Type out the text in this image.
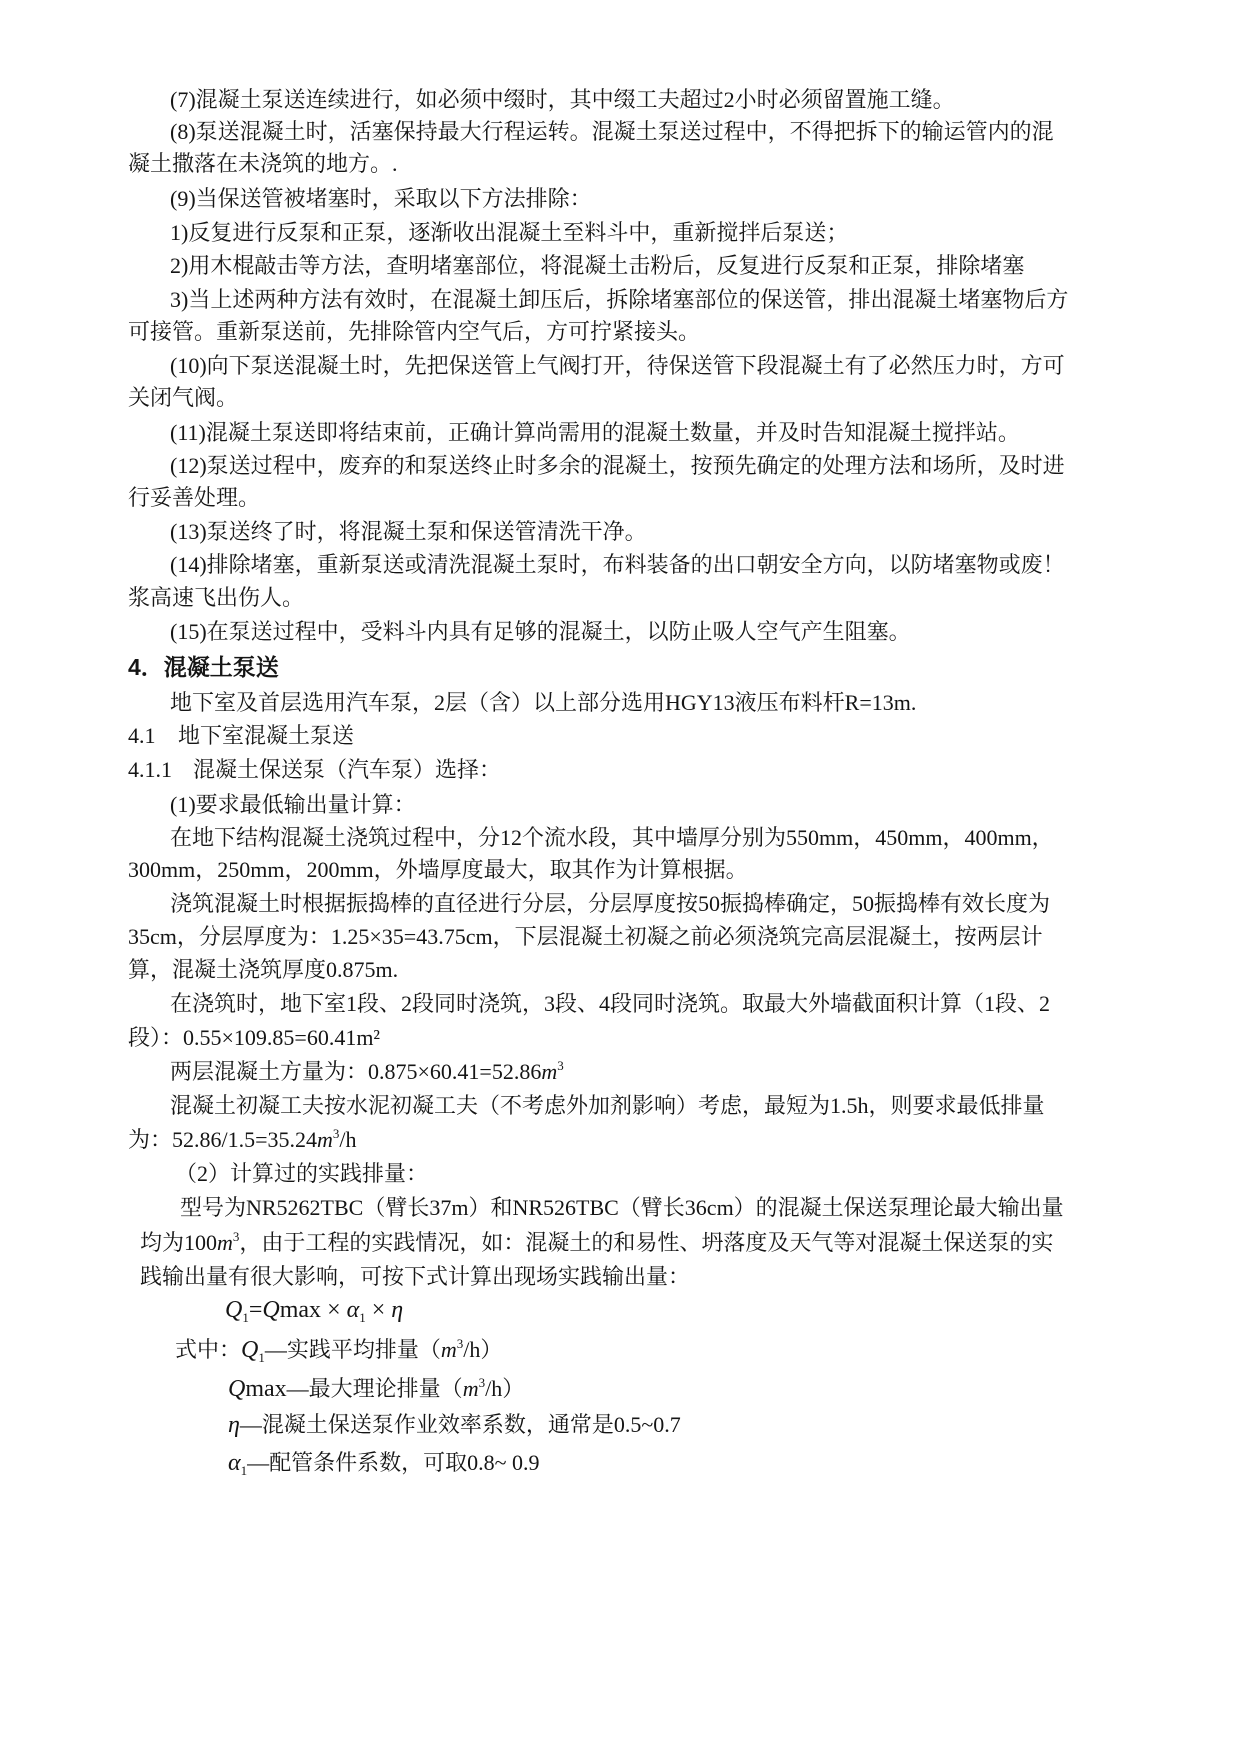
(7)混凝土泵送连续进行，如必须中缀时，其中缀工夫超过2小时必须留置施工缝。
(8)泵送混凝土时，活塞保持最大行程运转。混凝土泵送过程中，不得把拆下的输运管内的混
凝土撒落在未浇筑的地方。.
(9)当保送管被堵塞时，采取以下方法排除：
1)反复进行反泵和正泵，逐渐收出混凝土至料斗中，重新搅拌后泵送；
2)用木棍敲击等方法，查明堵塞部位，将混凝土击粉后，反复进行反泵和正泵，排除堵塞
3)当上述两种方法有效时，在混凝土卸压后，拆除堵塞部位的保送管，排出混凝土堵塞物后方
可接管。重新泵送前，先排除管内空气后，方可拧紧接头。
(10)向下泵送混凝土时，先把保送管上气阀打开，待保送管下段混凝土有了必然压力时，方可
关闭气阀。
(11)混凝土泵送即将结束前，正确计算尚需用的混凝土数量，并及时告知混凝土搅拌站。
(12)泵送过程中，废弃的和泵送终止时多余的混凝土，按预先确定的处理方法和场所，及时进
行妥善处理。
(13)泵送终了时，将混凝土泵和保送管清洗干净。
(14)排除堵塞，重新泵送或清洗混凝土泵时，布料装备的出口朝安全方向，以防堵塞物或废！
浆高速飞出伤人。
(15)在泵送过程中，受料斗内具有足够的混凝土，以防止吸人空气产生阻塞。
4．混凝土泵送
地下室及首层选用汽车泵，2层（含）以上部分选用HGY13液压布料杆R=13m.
4.1 地下室混凝土泵送
4.1.1 混凝土保送泵（汽车泵）选择：
(1)要求最低输出量计算：
在地下结构混凝土浇筑过程中，分12个流水段，其中墙厚分别为550mm，450mm，400mm，
300mm，250mm，200mm，外墙厚度最大，取其作为计算根据。
浇筑混凝土时根据振捣棒的直径进行分层，分层厚度按50振捣棒确定，50振捣棒有效长度为
35cm，分层厚度为：1.25×35=43.75cm，下层混凝土初凝之前必须浇筑完高层混凝土，按两层计
算，混凝土浇筑厚度0.875m.
在浇筑时，地下室1段、2段同时浇筑，3段、4段同时浇筑。取最大外墙截面积计算（1段、2
段）：0.55×109.85=60.41m²
两层混凝土方量为：$0.875\times 60.41=52.86m^3$
混凝土初凝工夫按水泥初凝工夫（不考虑外加剂影响）考虑，最短为1.5h，则要求最低排量
为：$52.86/1.5=35.24m^3/h$
（2）计算过的实践排量：
型号为NR5262TBC（臂长37m）和NR526TBC（臂长36cm）的混凝土保送泵理论最大输出量
均为$100m^3$，由于工程的实践情况，如：混凝土的和易性、坍落度及天气等对混凝土保送泵的实
践输出量有很大影响，可按下式计算出现场实践输出量：
$Q_1=Qmax \times \alpha_1 \times \eta$
式中：$Q_1—$实践平均排量$(m^3/h)$
Qmax—最大理论排量$(m^3/h)$
η—混凝土保送泵作业效率系数，通常是0.5~0.7
$\alpha_1—$配管条件系数，可取0.8~ 0.9
